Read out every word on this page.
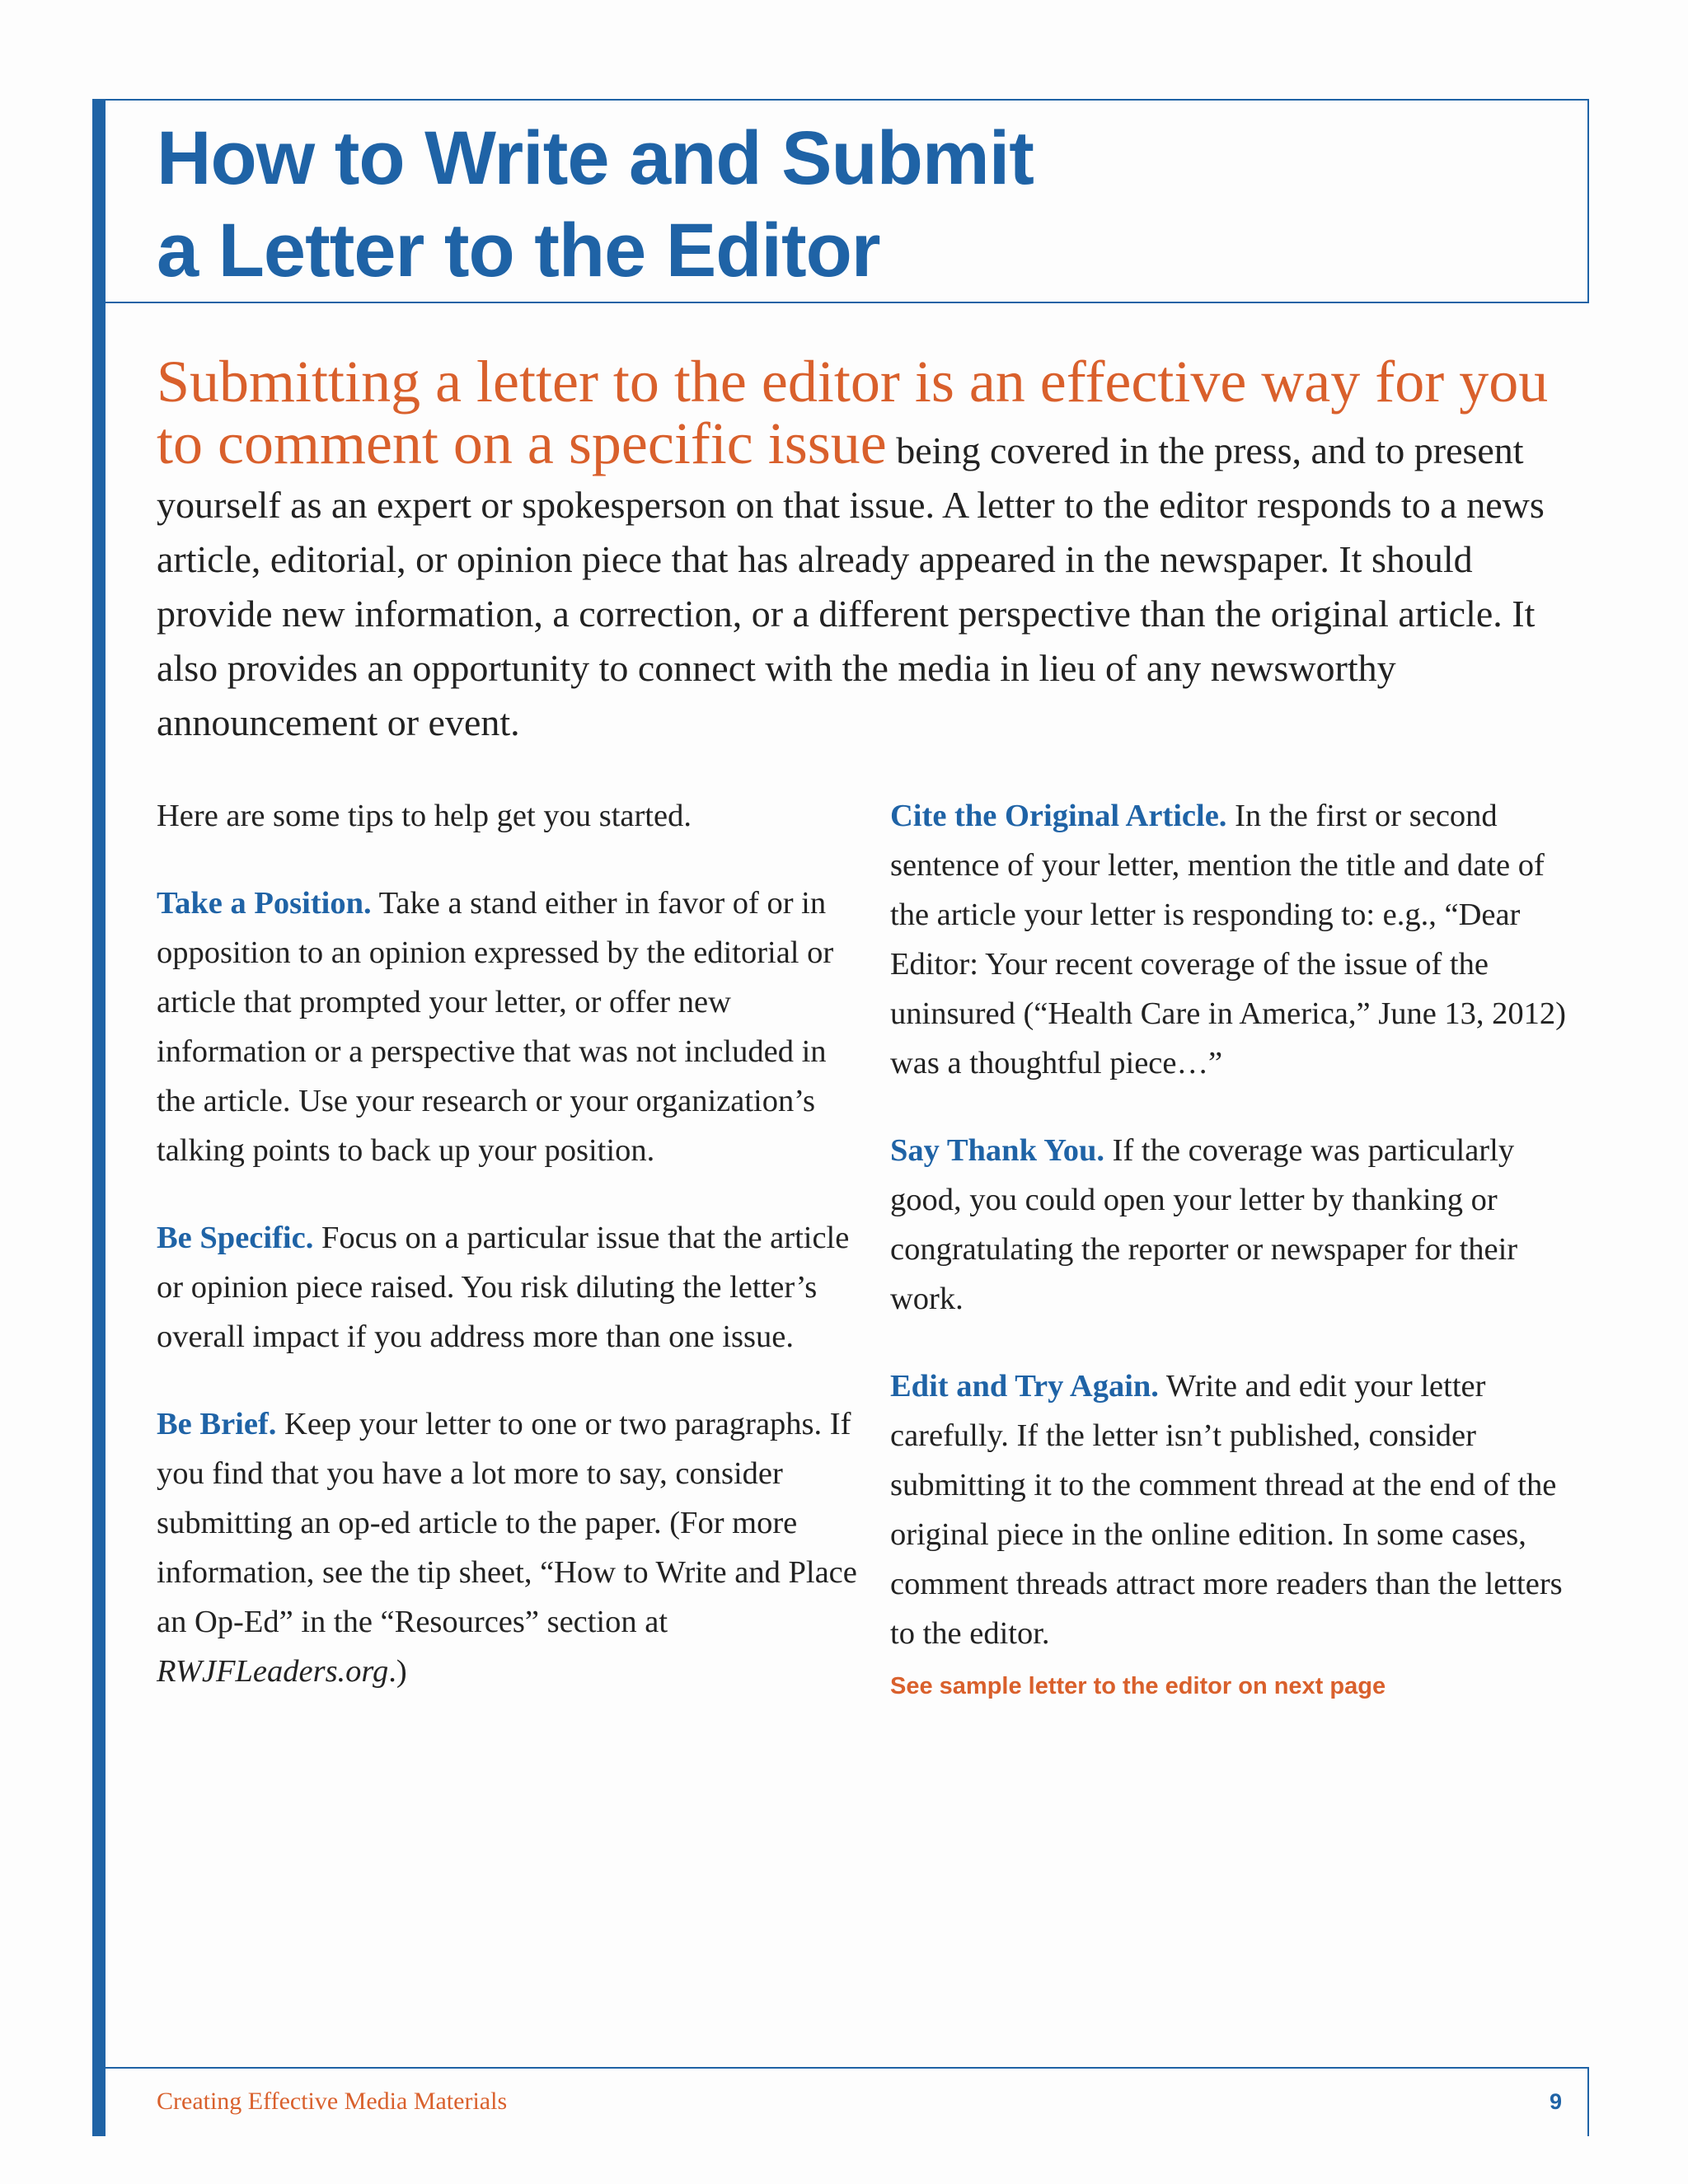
How to Write and Submit
a Letter to the Editor

Submitting a letter to the editor is an effective way for you to comment on a specific issue being covered in the press, and to present yourself as an expert or spokesperson on that issue. A letter to the editor responds to a news article, editorial, or opinion piece that has already appeared in the newspaper. It should provide new information, a correction, or a different perspective than the original article. It also provides an opportunity to connect with the media in lieu of any newsworthy announcement or event.

Here are some tips to help get you started.

Take a Position. Take a stand either in favor of or in opposition to an opinion expressed by the editorial or article that prompted your letter, or offer new information or a perspective that was not included in the article. Use your research or your organization’s talking points to back up your position.

Be Specific. Focus on a particular issue that the article or opinion piece raised. You risk diluting the letter’s overall impact if you address more than one issue.

Be Brief. Keep your letter to one or two paragraphs. If you find that you have a lot more to say, consider submitting an op-ed article to the paper. (For more information, see the tip sheet, “How to Write and Place an Op-Ed” in the “Resources” section at RWJFLeaders.org.)

Cite the Original Article. In the first or second sentence of your letter, mention the title and date of the article your letter is responding to: e.g., “Dear Editor: Your recent coverage of the issue of the uninsured (“Health Care in America,” June 13, 2012) was a thoughtful piece…”

Say Thank You. If the coverage was particularly good, you could open your letter by thanking or congratulating the reporter or newspaper for their work.

Edit and Try Again. Write and edit your letter carefully. If the letter isn’t published, consider submitting it to the comment thread at the end of the original piece in the online edition. In some cases, comment threads attract more readers than the letters to the editor.

See sample letter to the editor on next page
Creating Effective Media Materials	9
